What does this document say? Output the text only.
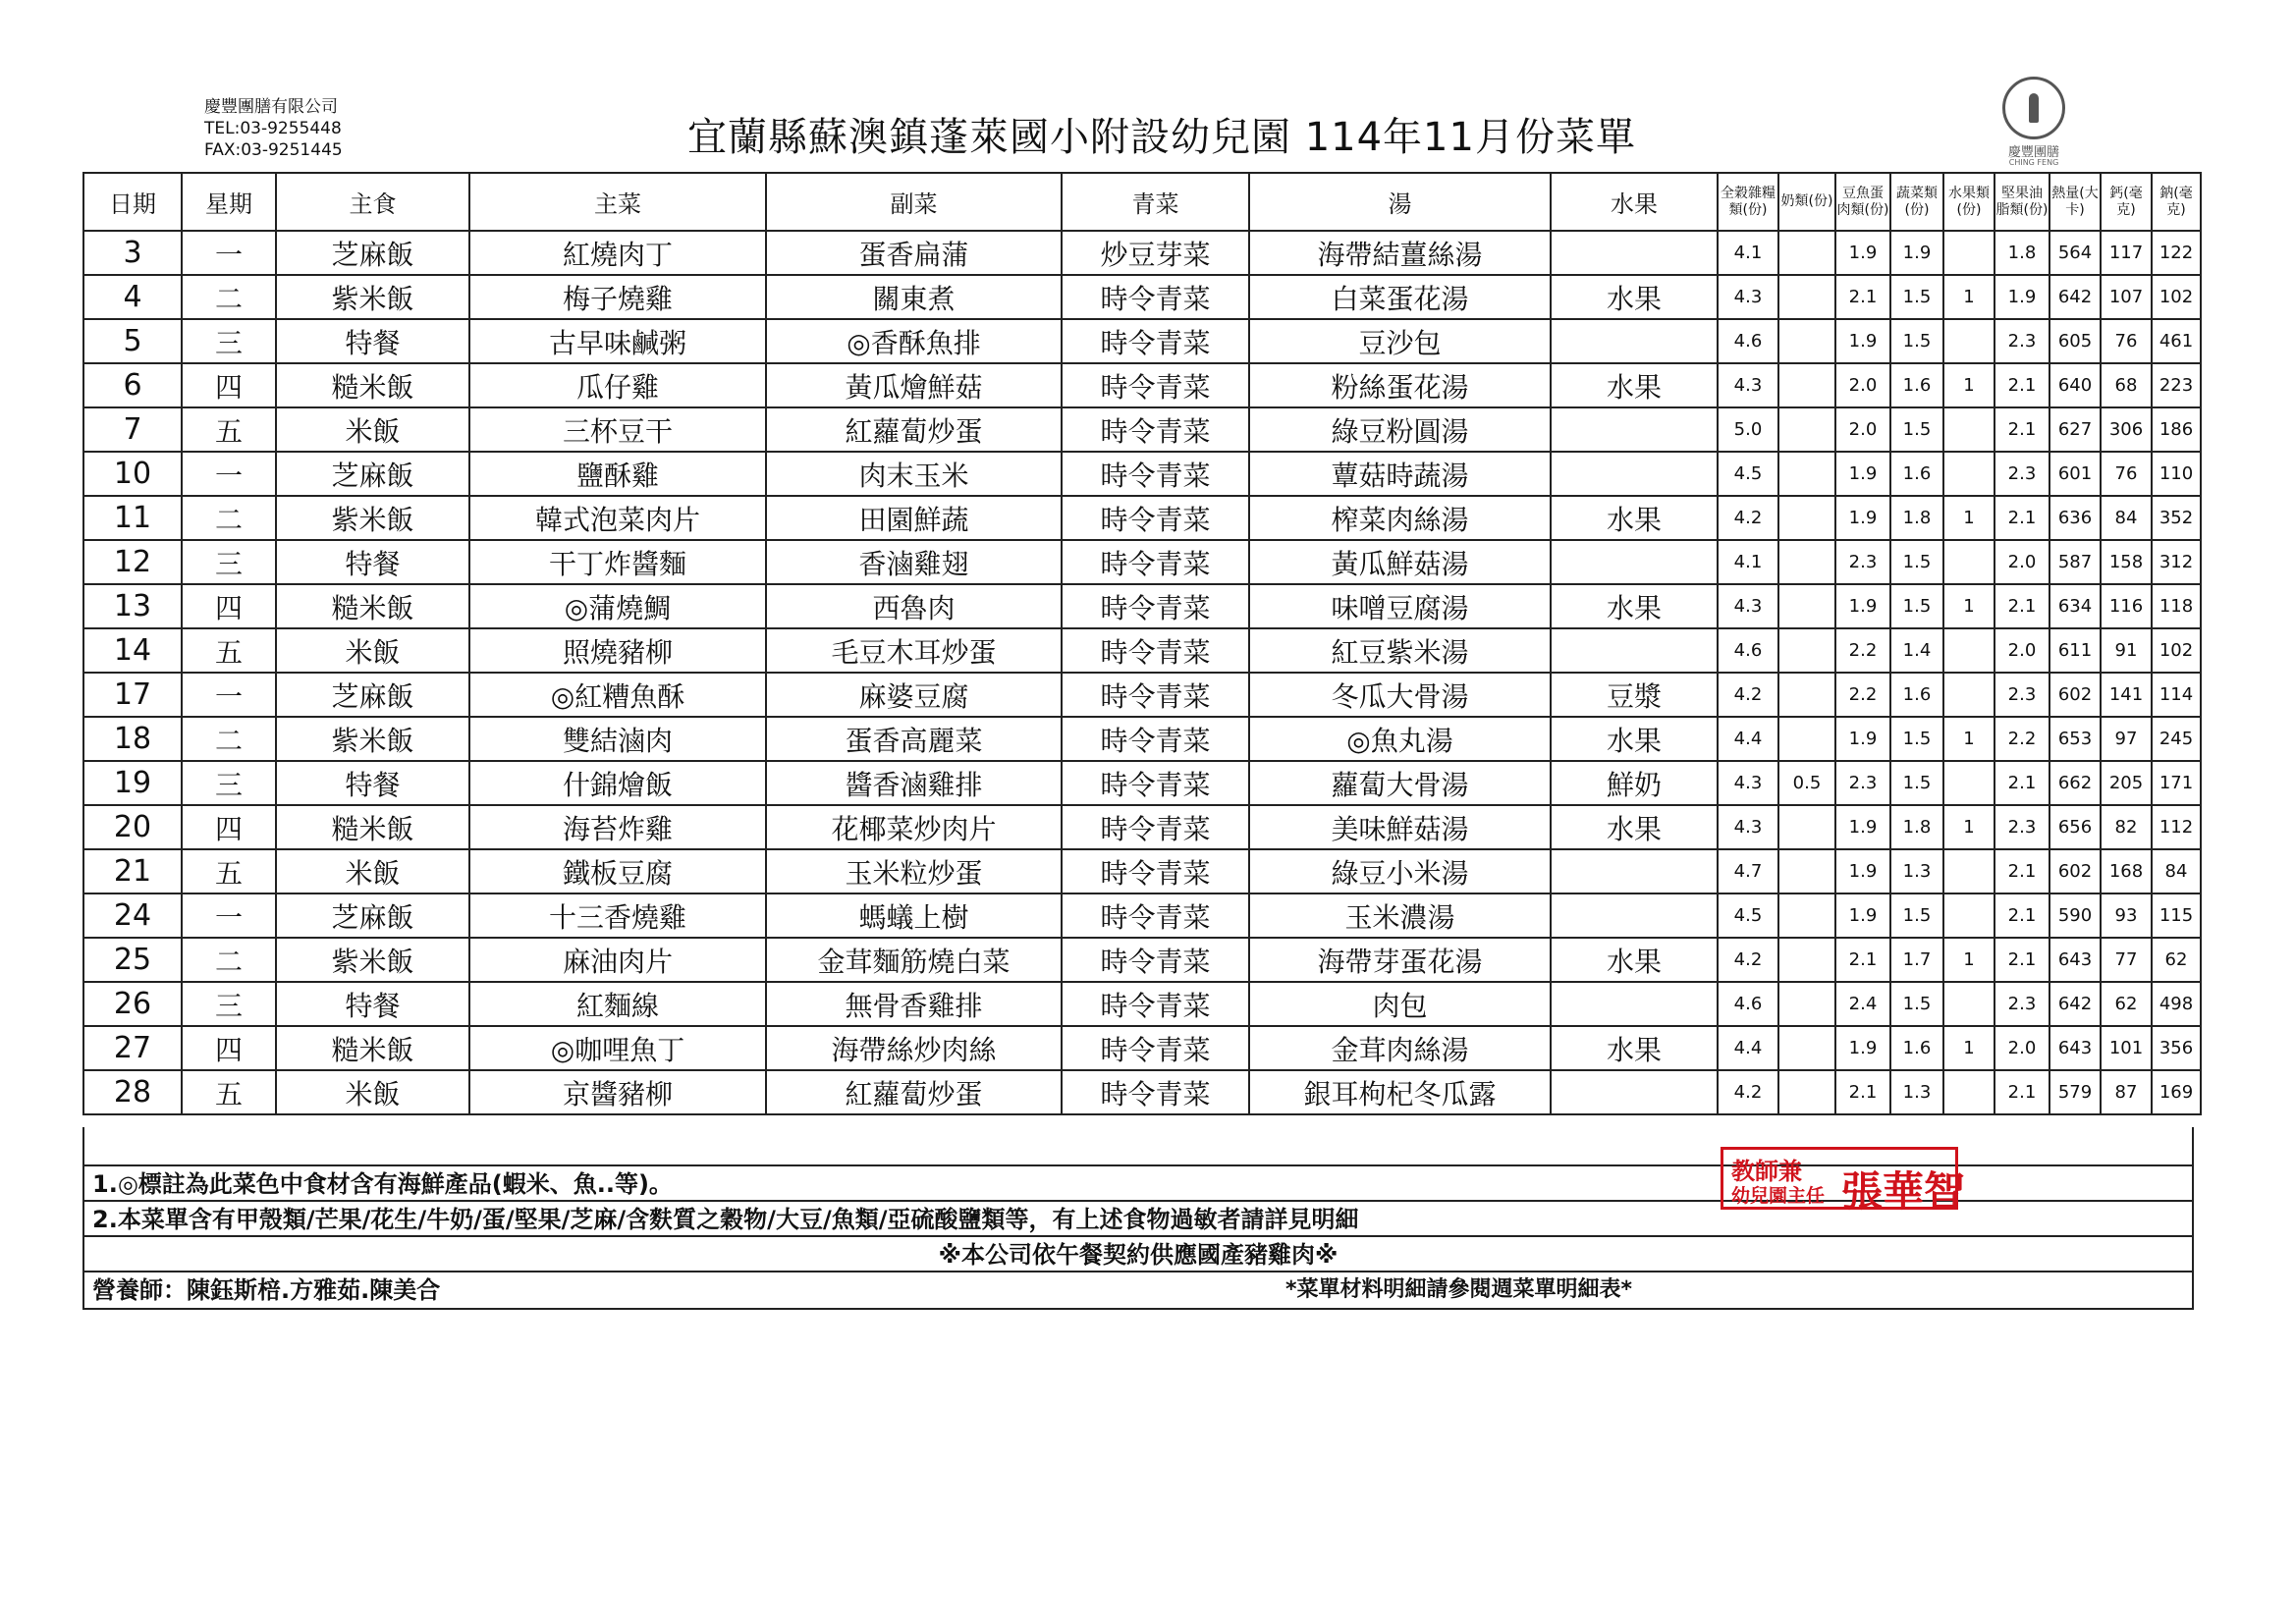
慶豐團膳有限公司
TEL:03-9255448
FAX:03-9251445	宜蘭縣蘇澳鎮蓬萊國小附設幼兒園 114年11月份菜單	慶豐團膳
CHING FENG
日期	星期	主食	主菜	副菜	青菜	湯	水果	全穀雜糧類(份)	奶類(份)	豆魚蛋肉類(份)	蔬菜類(份)	水果類(份)	堅果油脂類(份)	熱量(大卡)	鈣(毫克)	鈉(毫克)
3	一	芝麻飯	紅燒肉丁	蛋香扁蒲	炒豆芽菜	海帶結薑絲湯		4.1		1.9	1.9		1.8	564	117	122
4	二	紫米飯	梅子燒雞	關東煮	時令青菜	白菜蛋花湯	水果	4.3		2.1	1.5	1	1.9	642	107	102
5	三	特餐	古早味鹹粥	◎香酥魚排	時令青菜	豆沙包		4.6		1.9	1.5		2.3	605	76	461
6	四	糙米飯	瓜仔雞	黃瓜燴鮮菇	時令青菜	粉絲蛋花湯	水果	4.3		2.0	1.6	1	2.1	640	68	223
7	五	米飯	三杯豆干	紅蘿蔔炒蛋	時令青菜	綠豆粉圓湯		5.0		2.0	1.5		2.1	627	306	186
10	一	芝麻飯	鹽酥雞	肉末玉米	時令青菜	蕈菇時蔬湯		4.5		1.9	1.6		2.3	601	76	110
11	二	紫米飯	韓式泡菜肉片	田園鮮蔬	時令青菜	榨菜肉絲湯	水果	4.2		1.9	1.8	1	2.1	636	84	352
12	三	特餐	干丁炸醬麵	香滷雞翅	時令青菜	黃瓜鮮菇湯		4.1		2.3	1.5		2.0	587	158	312
13	四	糙米飯	◎蒲燒鯛	西魯肉	時令青菜	味噌豆腐湯	水果	4.3		1.9	1.5	1	2.1	634	116	118
14	五	米飯	照燒豬柳	毛豆木耳炒蛋	時令青菜	紅豆紫米湯		4.6		2.2	1.4		2.0	611	91	102
17	一	芝麻飯	◎紅糟魚酥	麻婆豆腐	時令青菜	冬瓜大骨湯	豆漿	4.2		2.2	1.6		2.3	602	141	114
18	二	紫米飯	雙結滷肉	蛋香高麗菜	時令青菜	◎魚丸湯	水果	4.4		1.9	1.5	1	2.2	653	97	245
19	三	特餐	什錦燴飯	醬香滷雞排	時令青菜	蘿蔔大骨湯	鮮奶	4.3	0.5	2.3	1.5		2.1	662	205	171
20	四	糙米飯	海苔炸雞	花椰菜炒肉片	時令青菜	美味鮮菇湯	水果	4.3		1.9	1.8	1	2.3	656	82	112
21	五	米飯	鐵板豆腐	玉米粒炒蛋	時令青菜	綠豆小米湯		4.7		1.9	1.3		2.1	602	168	84
24	一	芝麻飯	十三香燒雞	螞蟻上樹	時令青菜	玉米濃湯		4.5		1.9	1.5		2.1	590	93	115
25	二	紫米飯	麻油肉片	金茸麵筋燒白菜	時令青菜	海帶芽蛋花湯	水果	4.2		2.1	1.7	1	2.1	643	77	62
26	三	特餐	紅麵線	無骨香雞排	時令青菜	肉包		4.6		2.4	1.5		2.3	642	62	498
27	四	糙米飯	◎咖哩魚丁	海帶絲炒肉絲	時令青菜	金茸肉絲湯	水果	4.4		1.9	1.6	1	2.0	643	101	356
28	五	米飯	京醬豬柳	紅蘿蔔炒蛋	時令青菜	銀耳枸杞冬瓜露		4.2		2.1	1.3		2.1	579	87	169
1.◎標註為此菜色中食材含有海鮮產品(蝦米、魚..等)。
2.本菜單含有甲殼類/芒果/花生/牛奶/蛋/堅果/芝麻/含麩質之穀物/大豆/魚類/亞硫酸鹽類等，有上述食物過敏者請詳見明細
※本公司依午餐契約供應國產豬雞肉※
營養師：陳鈺斯棓.方雅茹.陳美合	*菜單材料明細請參閱週菜單明細表*
教師兼
幼兒園主任 張華智
